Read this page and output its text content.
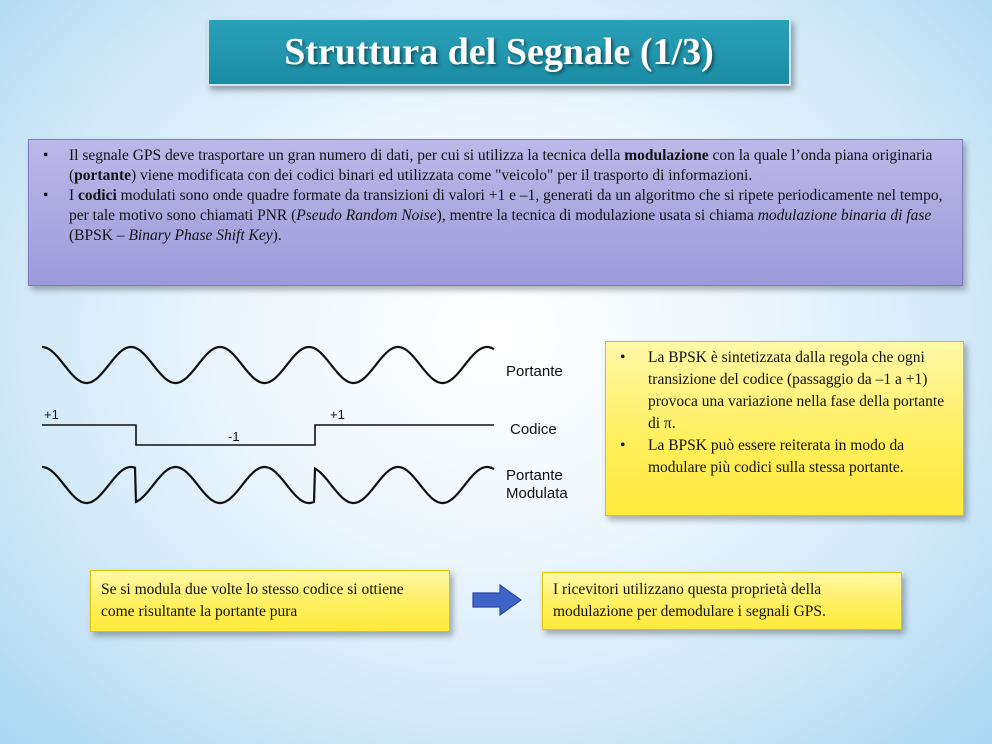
Struttura del Segnale (1/3)
• Il segnale GPS deve trasportare un gran numero di dati, per cui si utilizza la tecnica della modulazione con la quale l’onda piana originaria (portante) viene modificata con dei codici binari ed utilizzata come "veicolo" per il trasporto di informazioni.
• I codici modulati sono onde quadre formate da transizioni di valori +1 e –1, generati da un algoritmo che si ripete periodicamente nel tempo, per tale motivo sono chiamati PNR (Pseudo Random Noise), mentre la tecnica di modulazione usata si chiama modulazione binaria di fase (BPSK – Binary Phase Shift Key).
+1
-1
+1
Portante
Codice
Portante
Modulata
• La BPSK è sintetizzata dalla regola che ogni transizione del codice (passaggio da –1 a +1) provoca una variazione nella fase della portante di π.
• La BPSK può essere reiterata in modo da modulare più codici sulla stessa portante.
Se si modula due volte lo stesso codice si ottiene come risultante la portante pura
I ricevitori utilizzano questa proprietà della modulazione per demodulare i segnali GPS.
